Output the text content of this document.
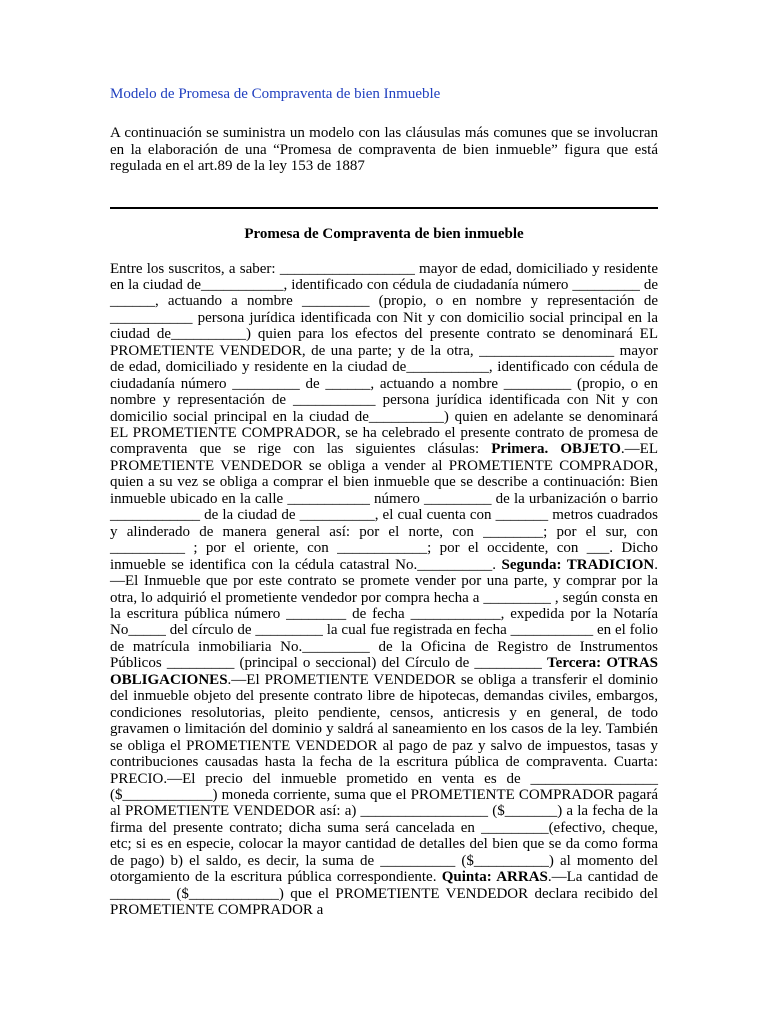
Modelo de Promesa de Compraventa de bien Inmueble

A continuación se suministra un modelo con las cláusulas más comunes que se involucran en la elaboración de una “Promesa de compraventa de bien inmueble” figura que está regulada en el art.89 de la ley 153 de 1887

Promesa de Compraventa de bien inmueble

Entre los suscritos, a saber: __________________ mayor de edad, domiciliado y residente en la ciudad de___________, identificado con cédula de ciudadanía número _________ de ______, actuando a nombre _________ (propio, o en nombre y representación de ___________ persona jurídica identificada con Nit y con domicilio social principal en la ciudad de__________) quien para los efectos del presente contrato se denominará EL PROMETIENTE VENDEDOR, de una parte; y de la otra, __________________ mayor de edad, domiciliado y residente en la ciudad de___________, identificado con cédula de ciudadanía número _________ de ______, actuando a nombre _________ (propio, o en nombre y representación de ___________ persona jurídica identificada con Nit y con domicilio social principal en la ciudad de__________) quien en adelante se denominará EL PROMETIENTE COMPRADOR, se ha celebrado el presente contrato de promesa de compraventa que se rige con las siguientes clásulas: Primera. OBJETO.—EL PROMETIENTE VENDEDOR se obliga a vender al PROMETIENTE COMPRADOR, quien a su vez se obliga a comprar el bien inmueble que se describe a continuación: Bien inmueble ubicado en la calle ___________ número _________ de la urbanización o barrio ____________ de la ciudad de __________, el cual cuenta con _______ metros cuadrados y alinderado de manera general así: por el norte, con ________; por el sur, con __________ ; por el oriente, con ____________; por el occidente, con ___. Dicho inmueble se identifica con la cédula catastral No.__________. Segunda: TRADICION. —El Inmueble que por este contrato se promete vender por una parte, y comprar por la otra, lo adquirió el prometiente vendedor por compra hecha a _________ , según consta en la escritura pública número ________ de fecha ____________, expedida por la Notaría No_____ del círculo de _________ la cual fue registrada en fecha ___________ en el folio de matrícula inmobiliaria No._________ de la Oficina de Registro de Instrumentos Públicos _________ (principal o seccional) del Círculo de _________ Tercera: OTRAS OBLIGACIONES.—El PROMETIENTE VENDEDOR se obliga a transferir el dominio del inmueble objeto del presente contrato libre de hipotecas, demandas civiles, embargos, condiciones resolutorias, pleito pendiente, censos, anticresis y en general, de todo gravamen o limitación del dominio y saldrá al saneamiento en los casos de la ley. También se obliga el PROMETIENTE VENDEDOR al pago de paz y salvo de impuestos, tasas y contribuciones causadas hasta la fecha de la escritura pública de compraventa. Cuarta: PRECIO.—El precio del inmueble prometido en venta es de _________________ ($____________) moneda corriente, suma que el PROMETIENTE COMPRADOR pagará al PROMETIENTE VENDEDOR así: a) _________________ ($_______) a la fecha de la firma del presente contrato; dicha suma será cancelada en _________(efectivo, cheque, etc; si es en especie, colocar la mayor cantidad de detalles del bien que se da como forma de pago) b) el saldo, es decir, la suma de __________ ($__________) al momento del otorgamiento de la escritura pública correspondiente. Quinta: ARRAS.—La cantidad de ________ ($____________) que el PROMETIENTE VENDEDOR declara recibido del PROMETIENTE COMPRADOR a
